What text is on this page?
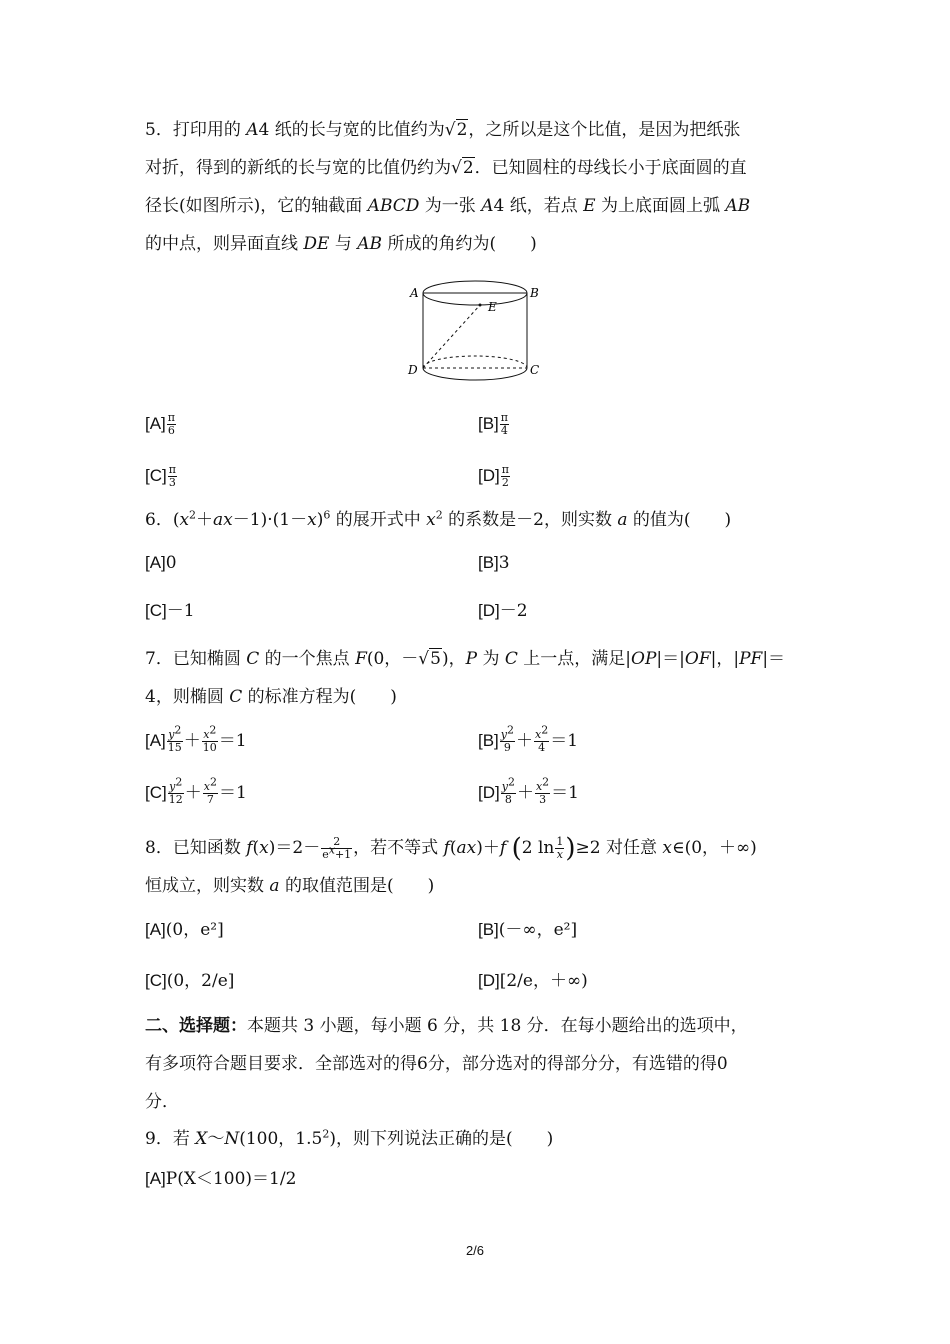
5．打印用的 A4 纸的长与宽的比值约为√2，之所以是这个比值，是因为把纸张
对折，得到的新纸的长与宽的比值仍约为√2．已知圆柱的母线长小于底面圆的直
径长(如图所示)，它的轴截面 ABCD 为一张 A4 纸，若点 E 为上底面圆上弧 AB
的中点，则异面直线 DE 与 AB 所成的角约为(　　)
A	B
C
D
E
$[A] \frac{\pi}{6}$	$[B] \frac{\pi}{4}$
$[C] \frac{\pi}{3}$	$[D] \frac{\pi}{2}$
6．$(x^2+ax-1)\cdot(1-x)^6$ 的展开式中 $x^2$ 的系数是－2，则实数 a 的值为(　　)
[A]0	[B]3
[C]－1	[D]－2
7．已知椭圆 C 的一个焦点 F(0，－√5)，P 为 C 上一点，满足|OP|＝|OF|，|PF|＝
4，则椭圆 C 的标准方程为(　　)
$[A] \frac{y^2}{15} + \frac{x^2}{10} =1$	$[B] \frac{y^2}{9} + \frac{x^2}{4} =1$
$[C] \frac{y^2}{12} + \frac{x^2}{7} =1$	$[D] \frac{y^2}{8} + \frac{x^2}{3} =1$
8．已知函数 $f(x)=2- \frac{2}{e^x+1}$ ，若不等式 f(ax)＋f (2 $\ln \frac{1}{x} )\ge 2$ 对任意 x∈(0，＋∞)
恒成立，则实数 a 的取值范围是(　　)
[A](0，e²]	[B](－∞，e²]
[C](0，2/e]	[D][2/e，＋∞)
二、选择题：本题共 3 小题，每小题 6 分，共 18 分．在每小题给出的选项中，
有多项符合题目要求．全部选对的得6分，部分选对的得部分分，有选错的得0
分．
9．若 X～N(100，$1.5^2$)，则下列说法正确的是(　　)
[A]P(X＜100)＝1/2
2/6
